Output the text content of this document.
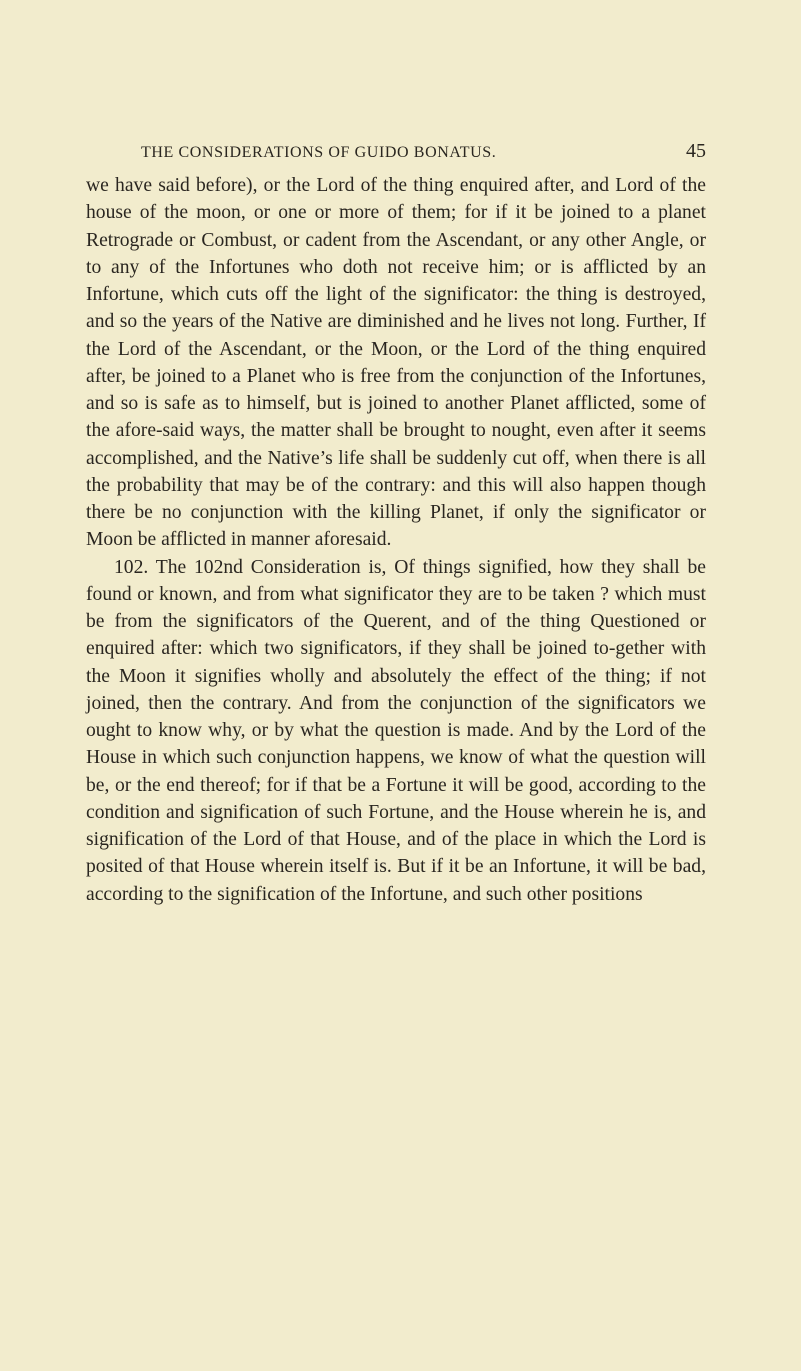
THE CONSIDERATIONS OF GUIDO BONATUS.	45

we have said before), or the Lord of the thing enquired after, and Lord of the house of the moon, or one or more of them; for if it be joined to a planet Retrograde or Combust, or cadent from the Ascendant, or any other Angle, or to any of the Infortunes who doth not receive him; or is afflicted by an Infortune, which cuts off the light of the significator: the thing is destroyed, and so the years of the Native are diminished and he lives not long. Further, If the Lord of the Ascendant, or the Moon, or the Lord of the thing enquired after, be joined to a Planet who is free from the conjunction of the Infortunes, and so is safe as to himself, but is joined to another Planet afflicted, some of the afore-said ways, the matter shall be brought to nought, even after it seems accomplished, and the Native’s life shall be suddenly cut off, when there is all the probability that may be of the contrary: and this will also happen though there be no conjunction with the killing Planet, if only the significator or Moon be afflicted in manner aforesaid.

102. The 102nd Consideration is, Of things signified, how they shall be found or known, and from what significator they are to be taken ? which must be from the significators of the Querent, and of the thing Questioned or enquired after: which two significators, if they shall be joined to-gether with the Moon it signifies wholly and absolutely the effect of the thing; if not joined, then the contrary. And from the conjunction of the significators we ought to know why, or by what the question is made. And by the Lord of the House in which such conjunction happens, we know of what the question will be, or the end thereof; for if that be a Fortune it will be good, according to the condition and signification of such Fortune, and the House wherein he is, and signification of the Lord of that House, and of the place in which the Lord is posited of that House wherein itself is. But if it be an Infortune, it will be bad, according to the signification of the Infortune, and such other positions
